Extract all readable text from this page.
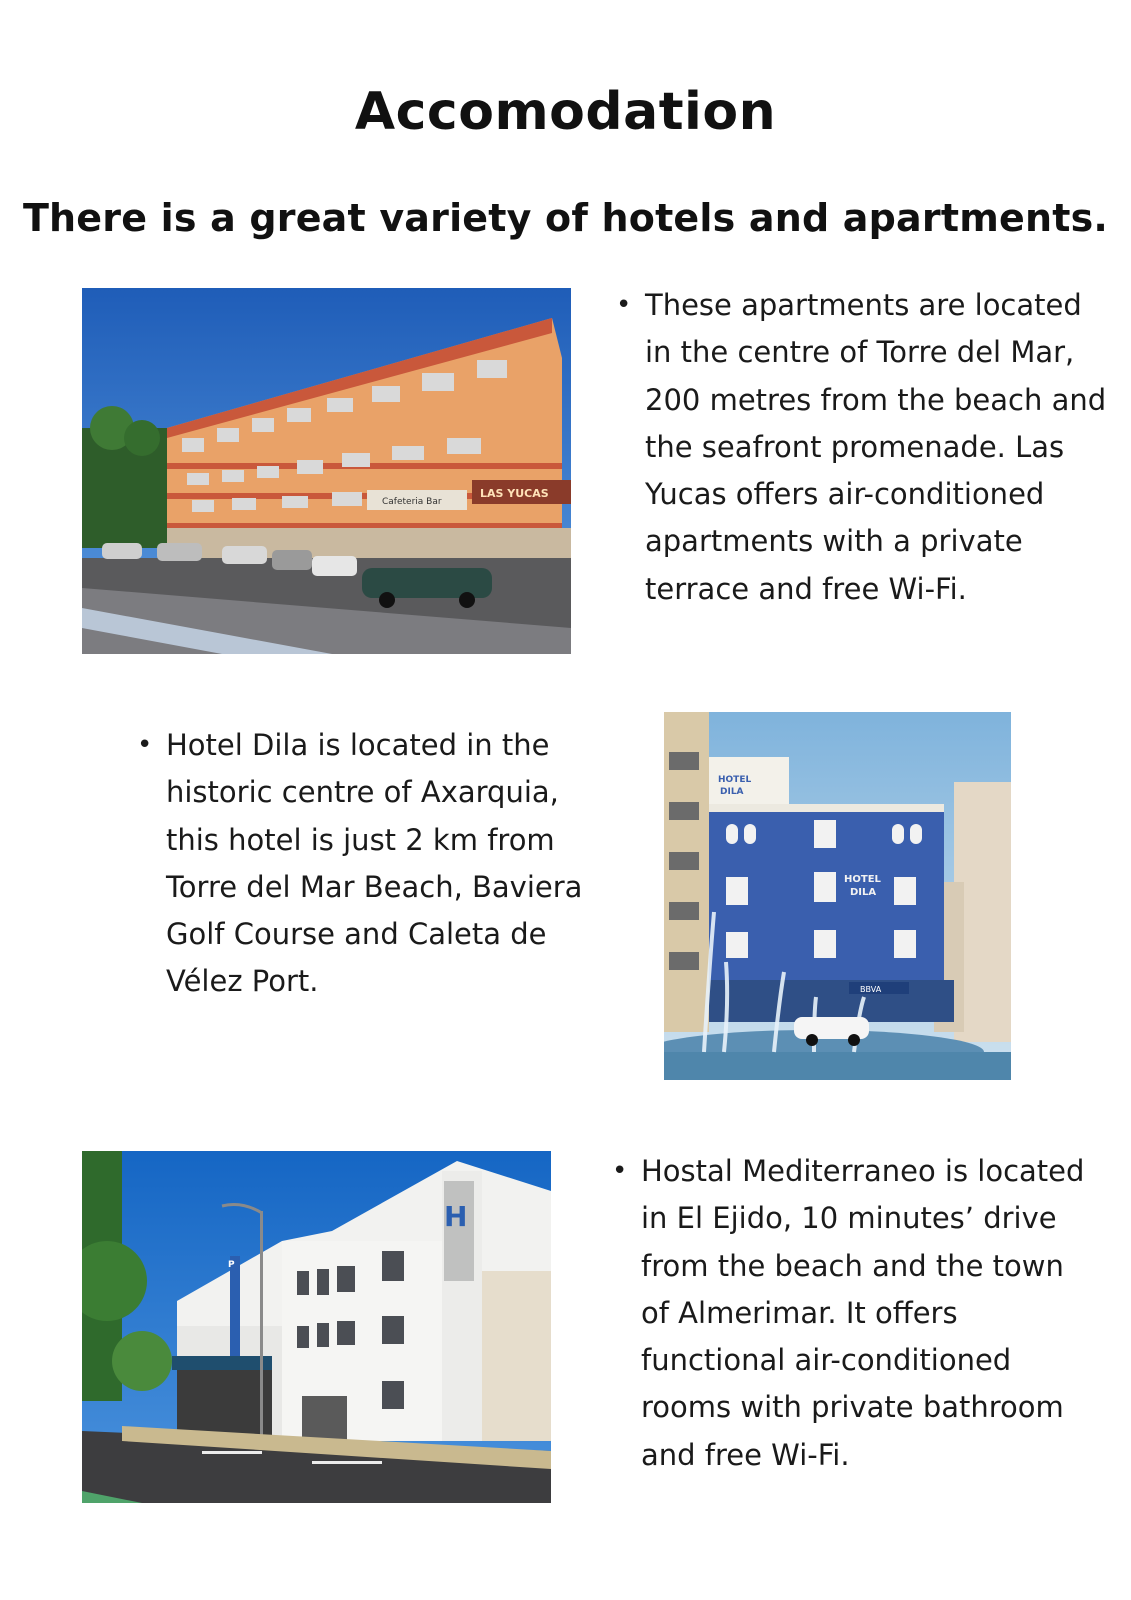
Accomodation
There is a great variety of hotels and apartments.
Cafeteria Bar
LAS YUCAS
• These apartments are located in the centre of Torre del Mar, 200 metres from the beach and the seafront promenade. Las Yucas offers air-conditioned apartments with a private terrace and free Wi-Fi.
• Hotel Dila is located in the historic centre of Axarquia, this hotel is just 2 km from Torre del Mar Beach, Baviera Golf Course and Caleta de Vélez Port.
HOTEL
DILA
HOTEL
DILA
BBVA
P
H
• Hostal Mediterraneo is located in El Ejido, 10 minutes’ drive from the beach and the town of Almerimar. It offers functional air-conditioned rooms with private bathroom and free Wi-Fi.
